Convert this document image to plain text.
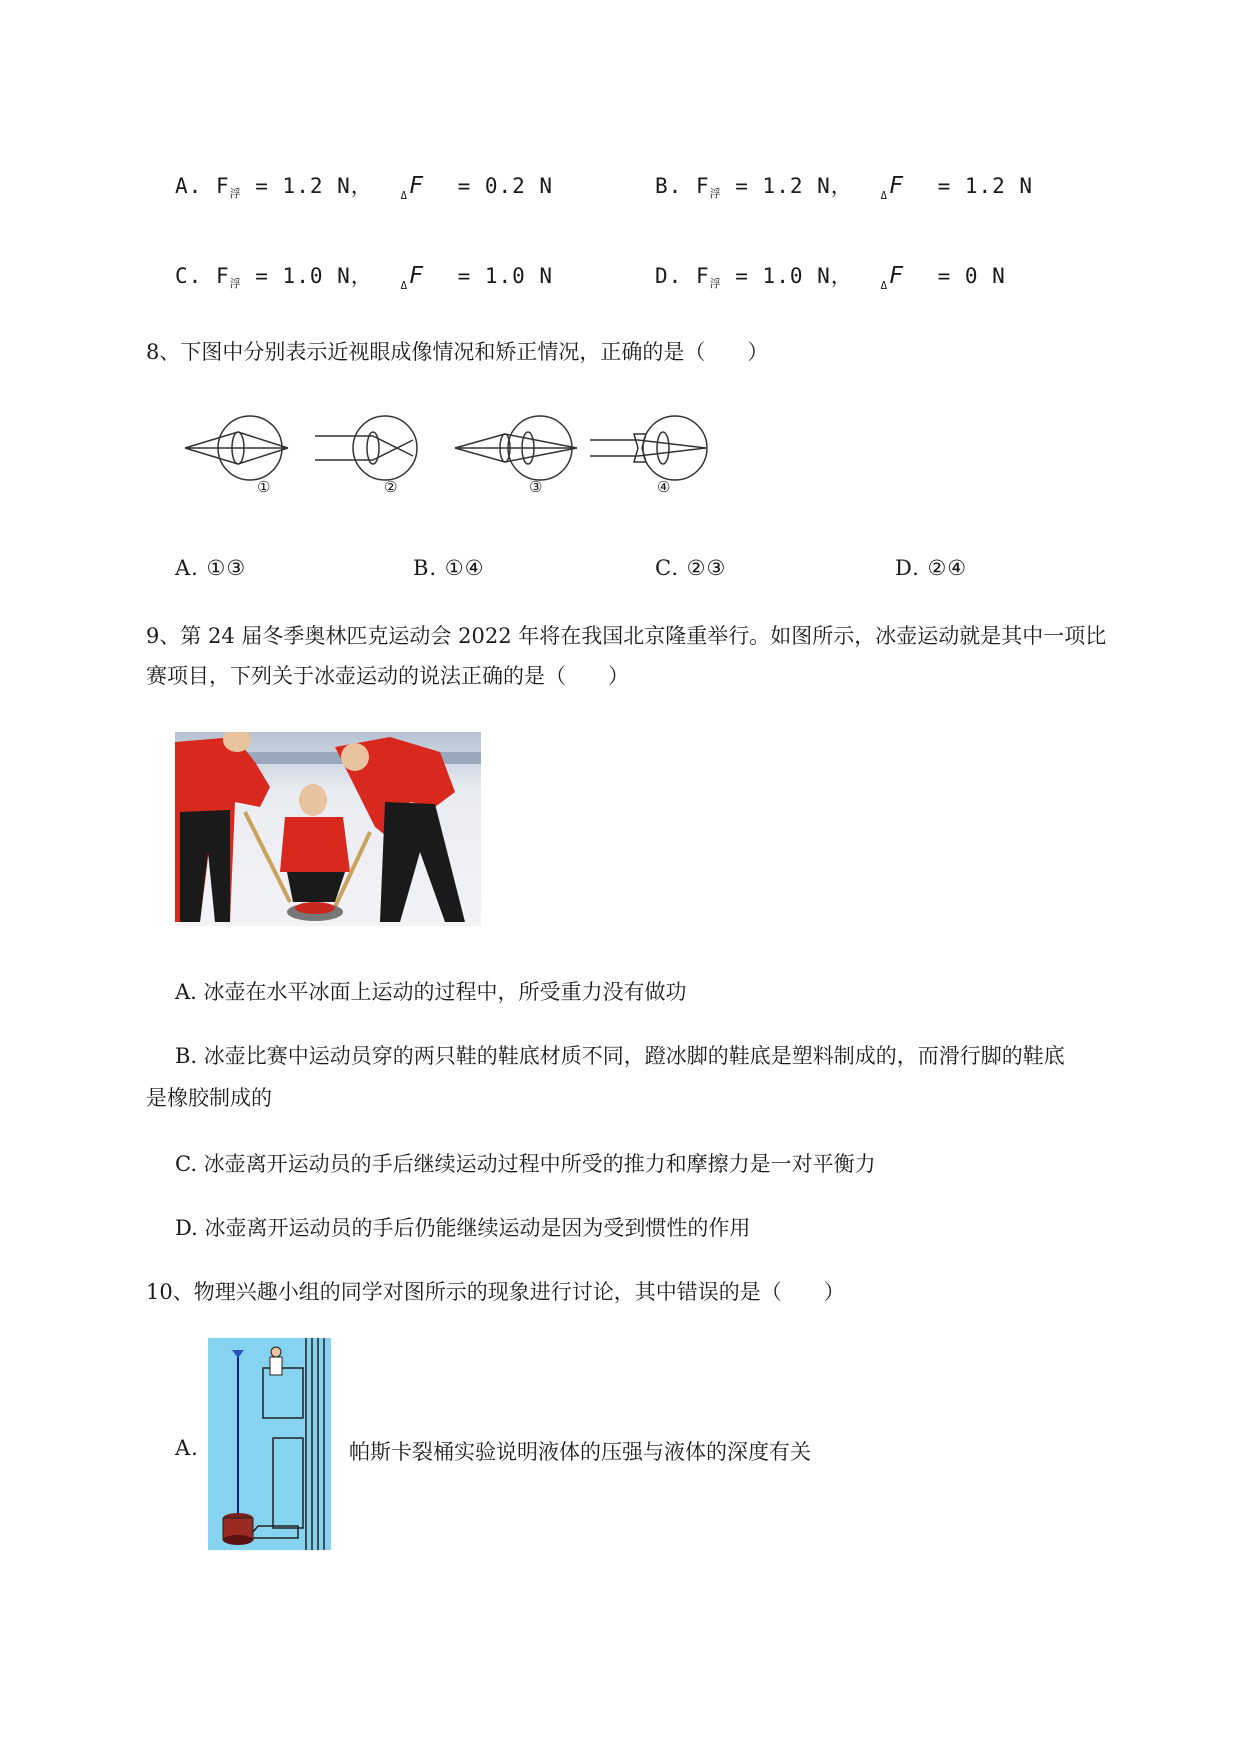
A. $F_浮 = 1.2$ N，	$_\Delta$F = 0.2 N	B. $F_浮 = 1.2$ N，	$_\Delta$F = 1.2 N
C. $F_浮 = 1.0$ N，	$_\Delta$F = 1.0 N	D. $F_浮 = 1.0$ N，	$_\Delta$F = 0 N
8、下图中分别表示近视眼成像情况和矫正情况，正确的是（　　）
①	②	③	④
A. ①③	B. ①④	C. ②③	D. ②④
9、第 24 届冬季奥林匹克运动会 2022 年将在我国北京隆重举行。如图所示，冰壶运动就是其中一项比
赛项目，下列关于冰壶运动的说法正确的是（　　）
A. 冰壶在水平冰面上运动的过程中，所受重力没有做功
B. 冰壶比赛中运动员穿的两只鞋的鞋底材质不同，蹬冰脚的鞋底是塑料制成的，而滑行脚的鞋底
是橡胶制成的
C. 冰壶离开运动员的手后继续运动过程中所受的推力和摩擦力是一对平衡力
D. 冰壶离开运动员的手后仍能继续运动是因为受到惯性的作用
10、物理兴趣小组的同学对图所示的现象进行讨论，其中错误的是（　　）
A.	帕斯卡裂桶实验说明液体的压强与液体的深度有关
